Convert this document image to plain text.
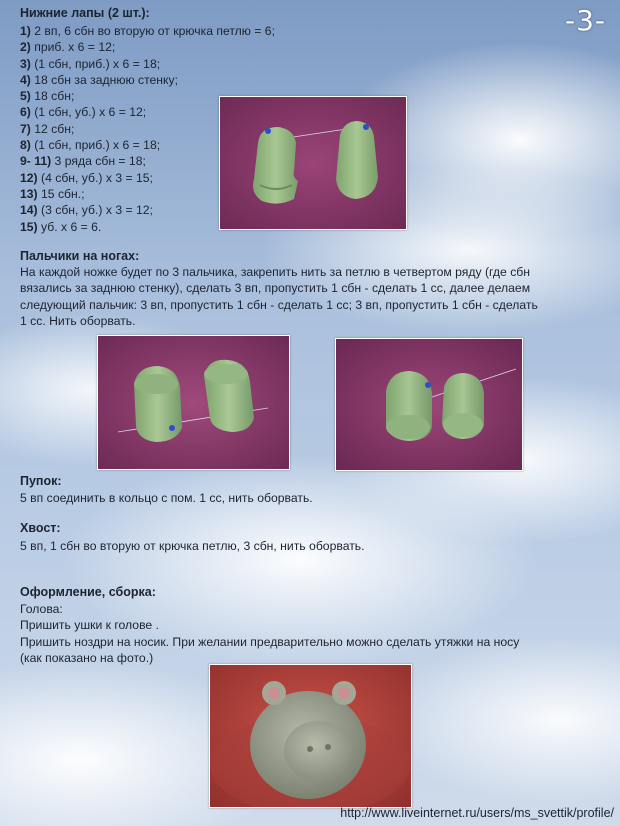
-3-
Нижние лапы (2 шт.):
1) 2 вп, 6 сбн во вторую от крючка петлю = 6;
2) приб. х 6 = 12;
3) (1 сбн, приб.) х 6 = 18;
4) 18 сбн за заднюю стенку;
5) 18 сбн;
6) (1 сбн, уб.) х 6 = 12;
7) 12 сбн;
8) (1 сбн, приб.) х 6 = 18;
9- 11) 3 ряда сбн = 18;
12) (4 сбн, уб.) х 3 = 15;
13) 15 сбн.;
14) (3 сбн, уб.) х 3 = 12;
15) уб. х 6 = 6.
Пальчики на ногах:
На каждой ножке будет по 3 пальчика, закрепить нить за петлю в четвертом ряду (где сбн
вязались за заднюю стенку), сделать 3 вп, пропустить 1 сбн - сделать 1 сс, далее делаем
следующий пальчик: 3 вп, пропустить 1 сбн - сделать 1 сс; 3 вп, пропустить 1 сбн - сделать
1 сс. Нить оборвать.
Пупок:
5 вп соединить в кольцо с пом. 1 сс, нить оборвать.
Хвост:
5 вп, 1 сбн во вторую от крючка петлю, 3 сбн, нить оборвать.
Оформление, сборка:
Голова:
Пришить ушки к голове .
Пришить ноздри на носик. При желании предварительно можно сделать утяжки на носу
(как показано на фото.)
http://www.liveinternet.ru/users/ms_svettik/profile/
